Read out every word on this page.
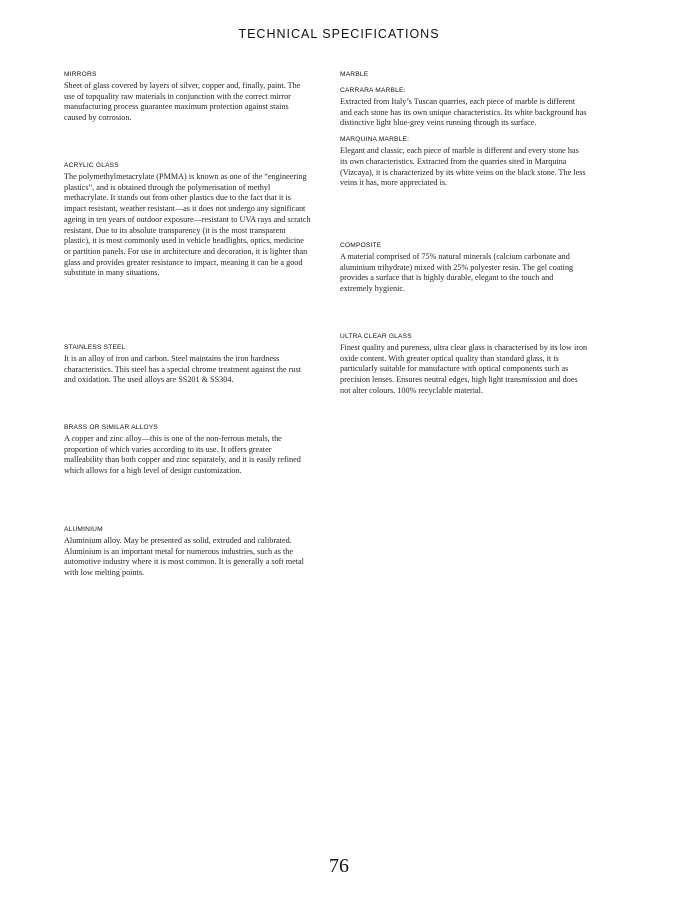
TECHNICAL SPECIFICATIONS
MIRRORS
Sheet of glass covered by layers of silver, copper and, finally, paint. The use of topquality raw materials in conjunction with the correct mirror manufacturing process guarantee maximum protection against stains caused by corrosion.
ACRYLIC GLASS
The polymethylmetacrylate (PMMA) is known as one of the “engineering plastics”, and is obtained through the polymerisation of methyl methacrylate. It stands out from other plastics due to the fact that it is impact resistant, weather resistant—as it does not undergo any significant ageing in ten years of outdoor exposure—resistant to UVA rays and scratch resistant. Due to its absolute transparency (it is the most transparent plastic), it is most commonly used in vehicle headlights, optics, medicine or partition panels. For use in architecture and decoration, it is lighter than glass and provides greater resistance to impact, meaning it can be a good substitute in many situations.
STAINLESS STEEL
It is an alloy of iron and carbon. Steel maintains the iron hardness characteristics. This steel has a special chrome treatment against the rust and oxidation. The used alloys are SS201 & SS304.
BRASS OR SIMILAR ALLOYS
A copper and zinc alloy—this is one of the non-ferrous metals, the proportion of which varies according to its use. It offers greater malleability than both copper and zinc separately, and it is easily refined which allows for a high level of design customization.
ALUMINIUM
Aluminium alloy. May be presented as solid, extruded and calibrated. Aluminium is an important metal for numerous industries, such as the automotive industry where it is most common. It is generally a soft metal with low melting points.
MARBLE
CARRARA MARBLE:
Extracted from Italy’s Tuscan quarries, each piece of marble is different and each stone has its own unique characteristics. Its white background has distinctive light blue-grey veins running through its surface.
MARQUINA MARBLE:
Elegant and classic, each piece of marble is different and every stone has its own characteristics. Extracted from the quarries sited in Marquina (Vizcaya), it is characterized by its white veins on the black stone. The less veins it has, more appreciated is.
COMPOSITE
A material comprised of 75% natural minerals (calcium carbonate and aluminium trihydrate) mixed with 25% polyester resin. The gel coating provides a surface that is highly durable, elegant to the touch and extremely hygienic.
ULTRA CLEAR GLASS
Finest quality and pureness, ultra clear glass is characterised by its low iron oxide content. With greater optical quality than standard glass, it is particularly suitable for manufacture with optical components such as precision lenses. Ensures neutral edges, high light transmission and does not alter colours. 100% recyclable material.
76
